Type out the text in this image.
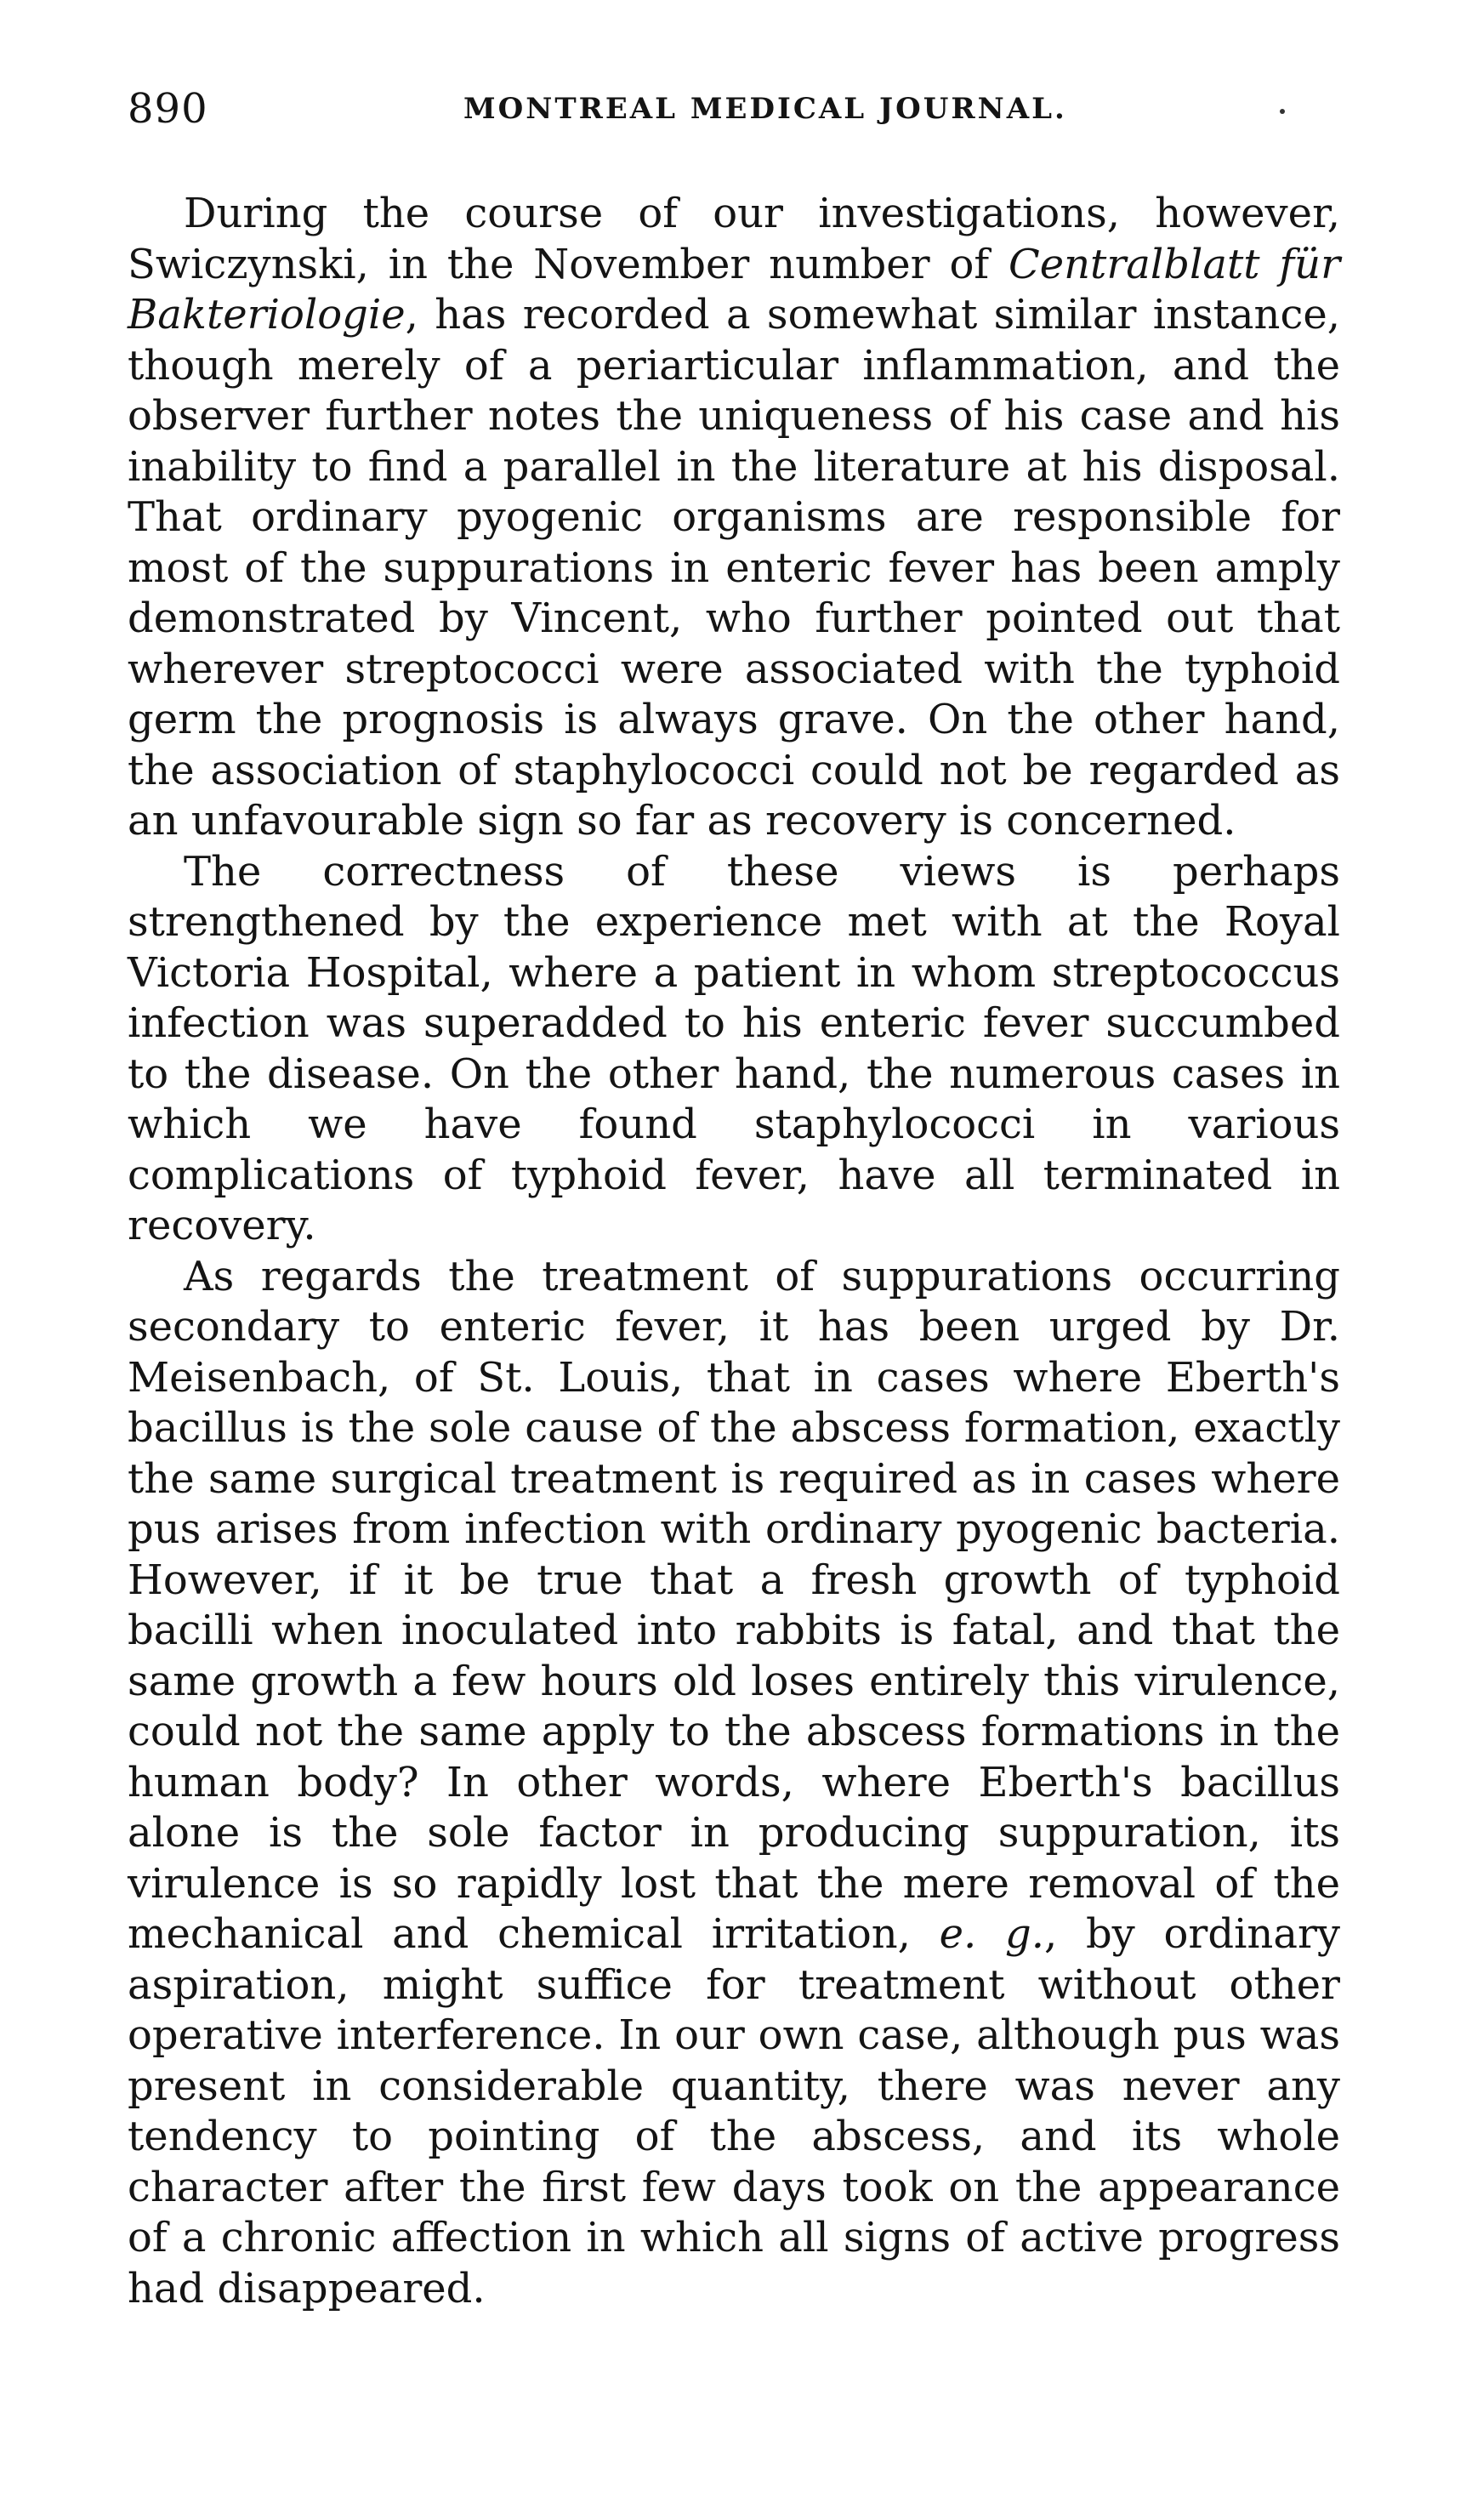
890	MONTREAL MEDICAL JOURNAL.

During the course of our investigations, however, Swiczynski, in the November number of Centralblatt für Bakteriologie, has recorded a somewhat similar instance, though merely of a periarticular inflammation, and the observer further notes the uniqueness of his case and his inability to find a parallel in the literature at his disposal. That ordinary pyogenic organisms are responsible for most of the suppurations in enteric fever has been amply demonstrated by Vincent, who further pointed out that wherever streptococci were associated with the typhoid germ the prognosis is always grave. On the other hand, the association of staphylococci could not be regarded as an unfavourable sign so far as recovery is concerned.

The correctness of these views is perhaps strengthened by the experience met with at the Royal Victoria Hospital, where a patient in whom streptococcus infection was superadded to his enteric fever succumbed to the disease. On the other hand, the numerous cases in which we have found staphylococci in various complications of typhoid fever, have all terminated in recovery.

As regards the treatment of suppurations occurring secondary to enteric fever, it has been urged by Dr. Meisenbach, of St. Louis, that in cases where Eberth's bacillus is the sole cause of the abscess formation, exactly the same surgical treatment is required as in cases where pus arises from infection with ordinary pyogenic bacteria. However, if it be true that a fresh growth of typhoid bacilli when inoculated into rabbits is fatal, and that the same growth a few hours old loses entirely this virulence, could not the same apply to the abscess formations in the human body? In other words, where Eberth's bacillus alone is the sole factor in producing suppuration, its virulence is so rapidly lost that the mere removal of the mechanical and chemical irritation, e. g., by ordinary aspiration, might suffice for treatment without other operative interference. In our own case, although pus was present in considerable quantity, there was never any tendency to pointing of the abscess, and its whole character after the first few days took on the appearance of a chronic affection in which all signs of active progress had disappeared.
